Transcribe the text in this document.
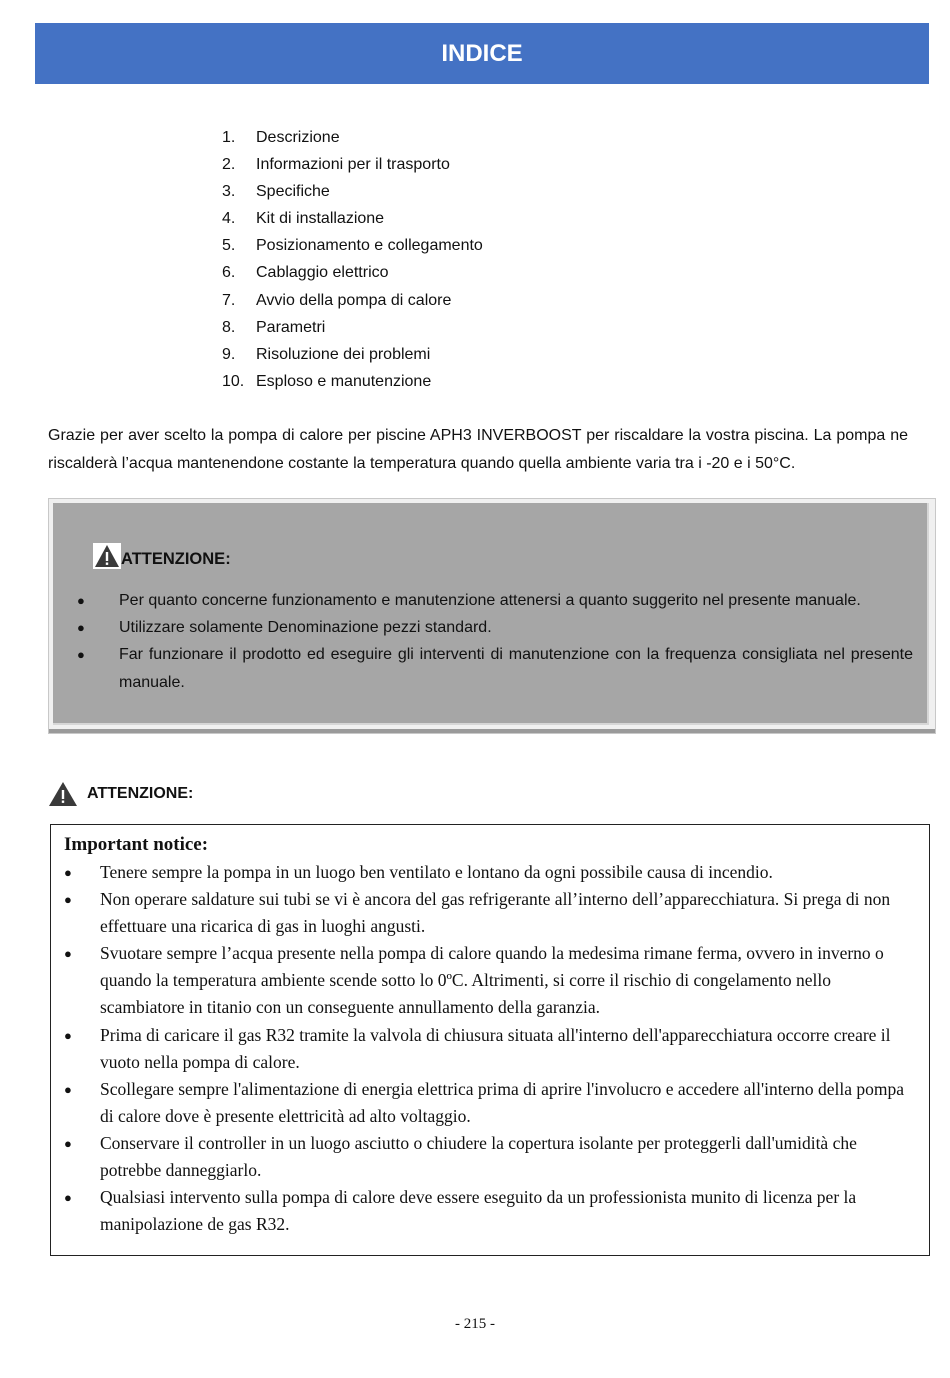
INDICE
1.	Descrizione
2.	Informazioni per il trasporto
3.	Specifiche
4.	Kit di installazione
5.	Posizionamento e collegamento
6.	Cablaggio elettrico
7.	Avvio della pompa di calore
8.	Parametri
9.	Risoluzione dei problemi
10. Esploso e manutenzione
Grazie per aver scelto la pompa di calore per piscine APH3 INVERBOOST per riscaldare la vostra piscina. La pompa ne riscalderà l’acqua mantenendone costante la temperatura quando quella ambiente varia tra i -20 e i 50°C.
ATTENZIONE:
●	Per quanto concerne funzionamento e manutenzione attenersi a quanto suggerito nel presente manuale.
●	Utilizzare solamente Denominazione pezzi standard.
●	Far funzionare il prodotto ed eseguire gli interventi di manutenzione con la frequenza consigliata nel presente manuale.
ATTENZIONE:
Important notice:
●	Tenere sempre la pompa in un luogo ben ventilato e lontano da ogni possibile causa di incendio.
●	Non operare saldature sui tubi se vi è ancora del gas refrigerante all’interno dell’apparecchiatura. Si prega di non effettuare una ricarica di gas in luoghi angusti.
●	Svuotare sempre l’acqua presente nella pompa di calore quando la medesima rimane ferma, ovvero in inverno o quando la temperatura ambiente scende sotto lo 0ºC. Altrimenti, si corre il rischio di congelamento nello scambiatore in titanio con un conseguente annullamento della garanzia.
●	Prima di caricare il gas R32 tramite la valvola di chiusura situata all'interno dell'apparecchiatura occorre creare il vuoto nella pompa di calore.
●	Scollegare sempre l'alimentazione di energia elettrica prima di aprire l'involucro e accedere all'interno della pompa di calore dove è presente elettricità ad alto voltaggio.
●	Conservare il controller in un luogo asciutto o chiudere la copertura isolante per proteggerli dall'umidità che potrebbe danneggiarlo.
●	Qualsiasi intervento sulla pompa di calore deve essere eseguito da un professionista munito di licenza per la manipolazione de gas R32.
- 215 -
